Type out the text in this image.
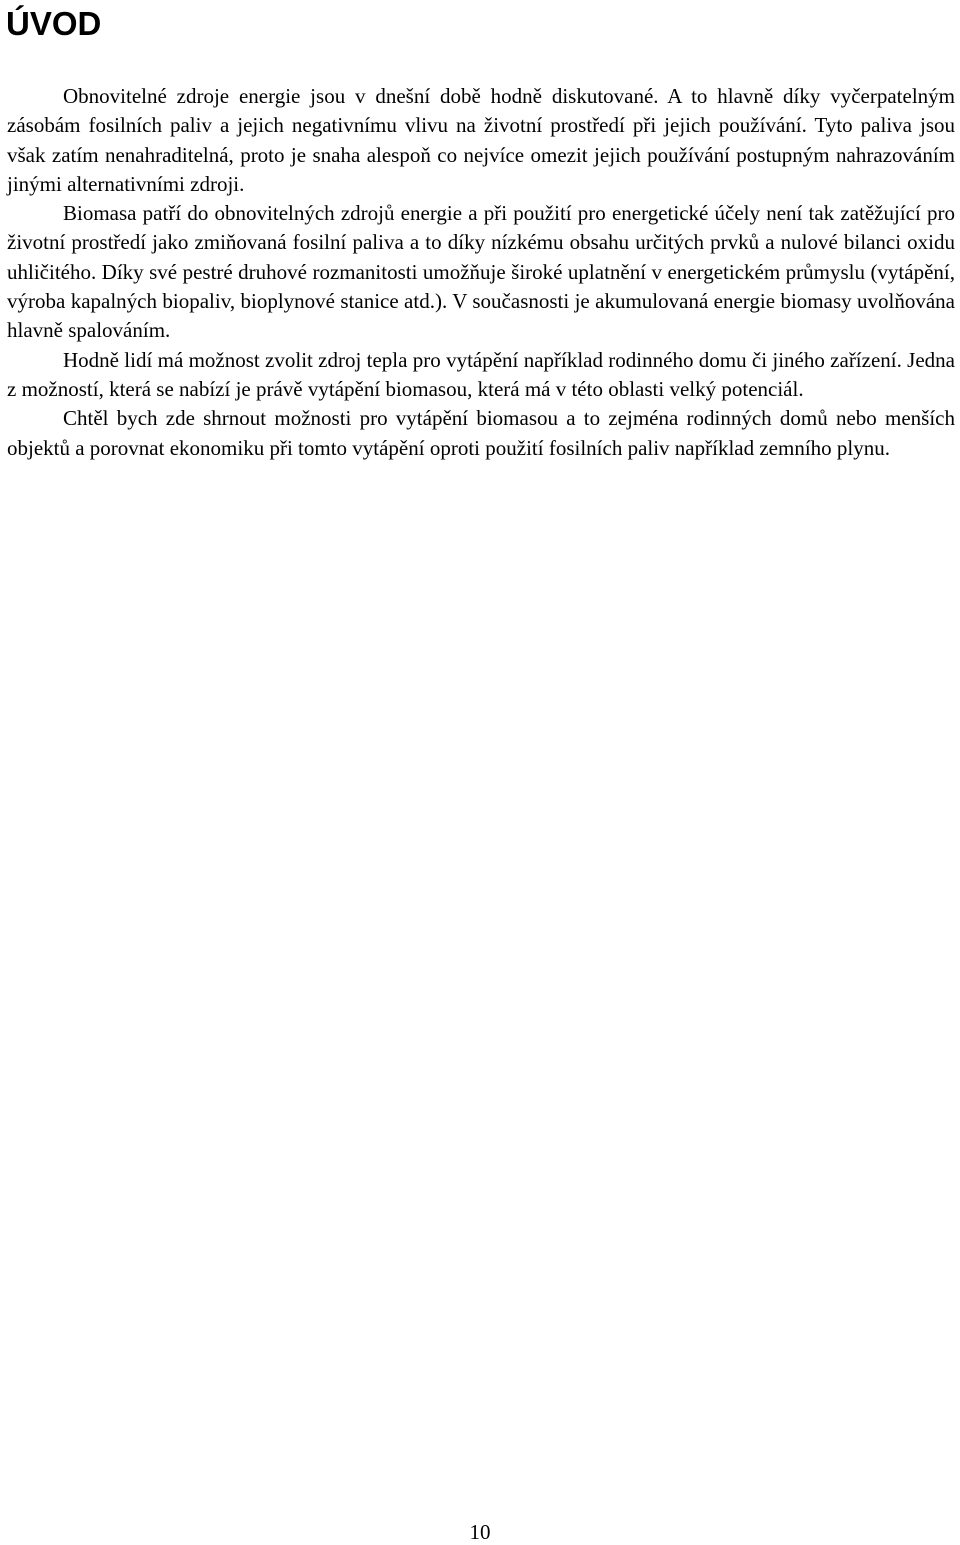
ÚVOD

Obnovitelné zdroje energie jsou v dnešní době hodně diskutované. A to hlavně díky vyčerpatelným zásobám fosilních paliv a jejich negativnímu vlivu na životní prostředí při jejich používání. Tyto paliva jsou však zatím nenahraditelná, proto je snaha alespoň co nejvíce omezit jejich používání postupným nahrazováním jinými alternativními zdroji.

Biomasa patří do obnovitelných zdrojů energie a při použití pro energetické účely není tak zatěžující pro životní prostředí jako zmiňovaná fosilní paliva a to díky nízkému obsahu určitých prvků a nulové bilanci oxidu uhličitého. Díky své pestré druhové rozmanitosti umožňuje široké uplatnění v energetickém průmyslu (vytápění, výroba kapalných biopaliv, bioplynové stanice atd.). V současnosti je akumulovaná energie biomasy uvolňována hlavně spalováním.

Hodně lidí má možnost zvolit zdroj tepla pro vytápění například rodinného domu či jiného zařízení. Jedna z možností, která se nabízí je právě vytápění biomasou, která má v této oblasti velký potenciál.

Chtěl bych zde shrnout možnosti pro vytápění biomasou a to zejména rodinných domů nebo menších objektů a porovnat ekonomiku při tomto vytápění oproti použití fosilních paliv například zemního plynu.

10
